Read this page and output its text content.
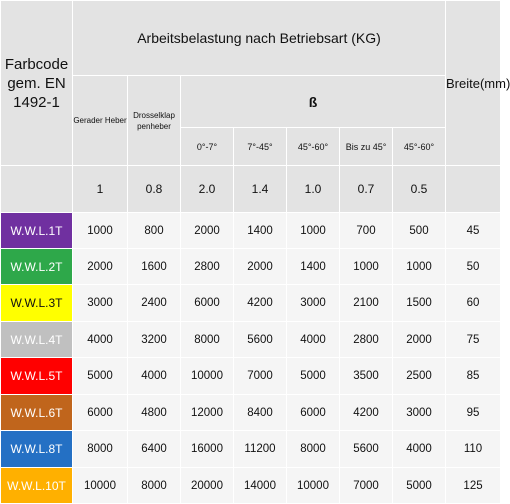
Farbcode gem. EN 1492-1	Arbeitsbelastung nach Betriebsart (KG)							Breite(mm)
	Gerader Heber	Drosselklap penheber	ß					
			0°-7°	7°-45°	45°-60°	Bis zu 45°	45°-60°	
	1	0.8	2.0	1.4	1.0	0.7	0.5	
W.W.L.1T	1000	800	2000	1400	1000	700	500	45
W.W.L.2T	2000	1600	2800	2000	1400	1000	1000	50
W.W.L.3T	3000	2400	6000	4200	3000	2100	1500	60
W.W.L.4T	4000	3200	8000	5600	4000	2800	2000	75
W.W.L.5T	5000	4000	10000	7000	5000	3500	2500	85
W.W.L.6T	6000	4800	12000	8400	6000	4200	3000	95
W.W.L.8T	8000	6400	16000	11200	8000	5600	4000	110
W.W.L.10T	10000	8000	20000	14000	10000	7000	5000	125
